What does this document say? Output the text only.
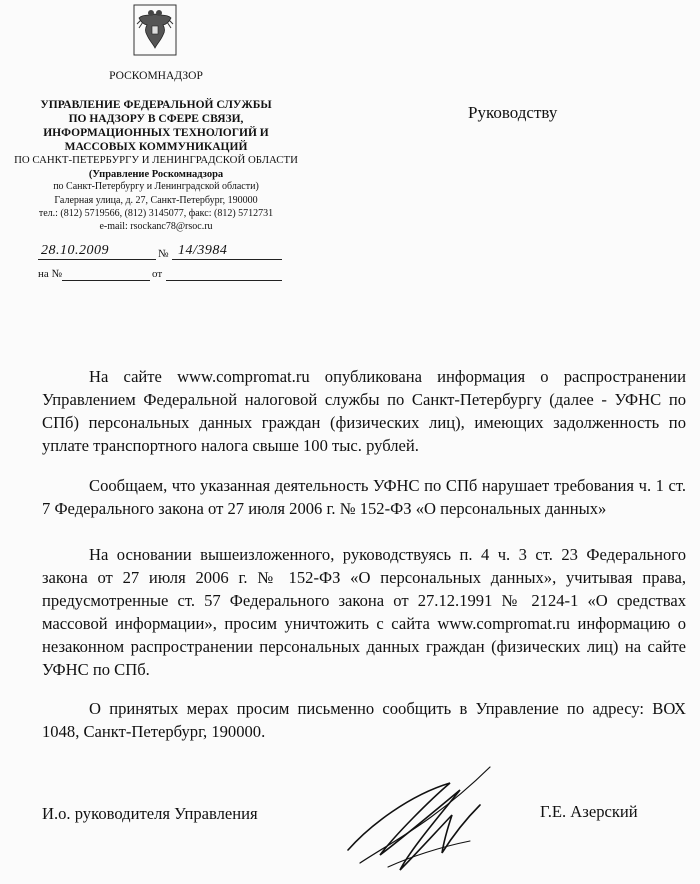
РОСКОМНАДЗОР
УПРАВЛЕНИЕ ФЕДЕРАЛЬНОЙ СЛУЖБЫ
ПО НАДЗОРУ В СФЕРЕ СВЯЗИ,
ИНФОРМАЦИОННЫХ ТЕХНОЛОГИЙ И
МАССОВЫХ КОММУНИКАЦИЙ
ПО САНКТ-ПЕТЕРБУРГУ И ЛЕНИНГРАДСКОЙ ОБЛАСТИ
(Управление Роскомнадзора
по Санкт-Петербургу и Ленинградской области)
Галерная улица, д. 27, Санкт-Петербург, 190000
тел.: (812) 5719566, (812) 3145077, факс: (812) 5712731
e-mail: rsockanc78@rsoc.ru
28.10.2009	№ 14/3984
на №	от
Руководству
На сайте www.compromat.ru опубликована информация о распространении Управлением Федеральной налоговой службы по Санкт-Петербургу (далее - УФНС по СПб) персональных данных граждан (физических лиц), имеющих задолженность по уплате транспортного налога свыше 100 тыс. рублей.
Сообщаем, что указанная деятельность УФНС по СПб нарушает требования ч. 1 ст. 7 Федерального закона от 27 июля 2006 г. № 152-ФЗ «О персональных данных»
На основании вышеизложенного, руководствуясь п. 4 ч. 3 ст. 23 Федерального закона от 27 июля 2006 г. № 152-ФЗ «О персональных данных», учитывая права, предусмотренные ст. 57 Федерального закона от 27.12.1991 № 2124-1 «О средствах массовой информации», просим уничтожить с сайта www.compromat.ru информацию о незаконном распространении персональных данных граждан (физических лиц) на сайте УФНС по СПб.
О принятых мерах просим письменно сообщить в Управление по адресу: ВОХ 1048, Санкт-Петербург, 190000.
И.о. руководителя Управления	Г.Е. Азерский
